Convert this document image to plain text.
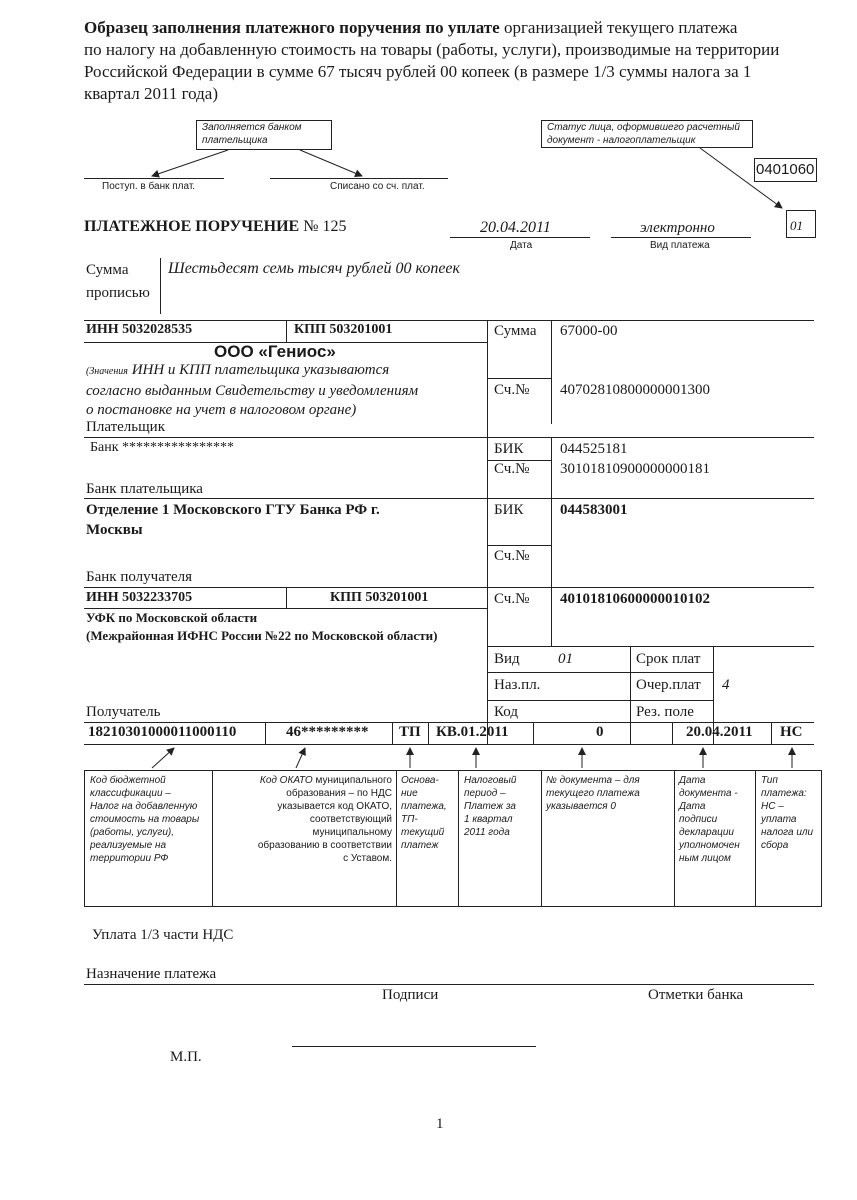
Образец заполнения платежного поручения по уплате организацией текущего платежа
по налогу на добавленную стоимость на товары (работы, услуги), производимые на территории
Российской Федерации в сумме 67 тысяч рублей 00 копеек (в размере 1/3 суммы налога за 1
квартал 2011 года)
Заполняется банком
плательщика
Статус лица, оформившего расчетный
документ - налогоплательщик
Поступ. в банк плат.	Списано со сч. плат.
0401060
01
ПЛАТЕЖНОЕ ПОРУЧЕНИЕ № 125	20.04.2011
Дата
электронно
Вид платежа
Сумма
прописью
Шестьдесят семь тысяч рублей 00 копеек
ИНН 5032028535	КПП 503201001
ООО «Гениос»
(Значения ИНН и КПП плательщика указываются
согласно выданным Свидетельству и уведомлениям
о постановке на учет в налоговом органе)
Плательщик
Банк ****************
Банк плательщика
Сумма 67000-00
Сч.№ 40702810800000001300
БИК 044525181
Сч.№ 30101810900000000181
БИК 044583001
Сч.№
Сч.№ 40101810600000010102
Отделение 1 Московского ГТУ Банка РФ г.
Москвы
Банк получателя
ИНН 5032233705	КПП 503201001
УФК по Московской области
(Межрайонная ИФНС России №22 по Московской области)
Получатель
Вид	01
Наз.пл.
Код
Срок плат
Очер.плат 4
Рез. поле
18210301000011000110	46********* ТП КВ.01.2011	0	20.04.2011 НС
Код бюджетной
классификации –
Налог на добавленную
стоимость на товары
(работы, услуги),
реализуемые на
территории РФ
Код ОКАТО муниципального
образования – по НДС
указывается код ОКАТО,
соответствующий
муниципальному
образованию в соответствии
с Уставом.
Основа-
ние
платежа,
ТП-
текущий
платеж
Налоговый
период –
Платеж за
1 квартал
2011 года
№ документа – для
текущего платежа
указывается 0
Дата
документа -
Дата
подписи
декларации
уполномочен
ным лицом
Тип
платежа:
НС –
уплата
налога или
сбора
Уплата 1/3 части НДС
Назначение платежа
Подписи	Отметки банка
М.П.
1
